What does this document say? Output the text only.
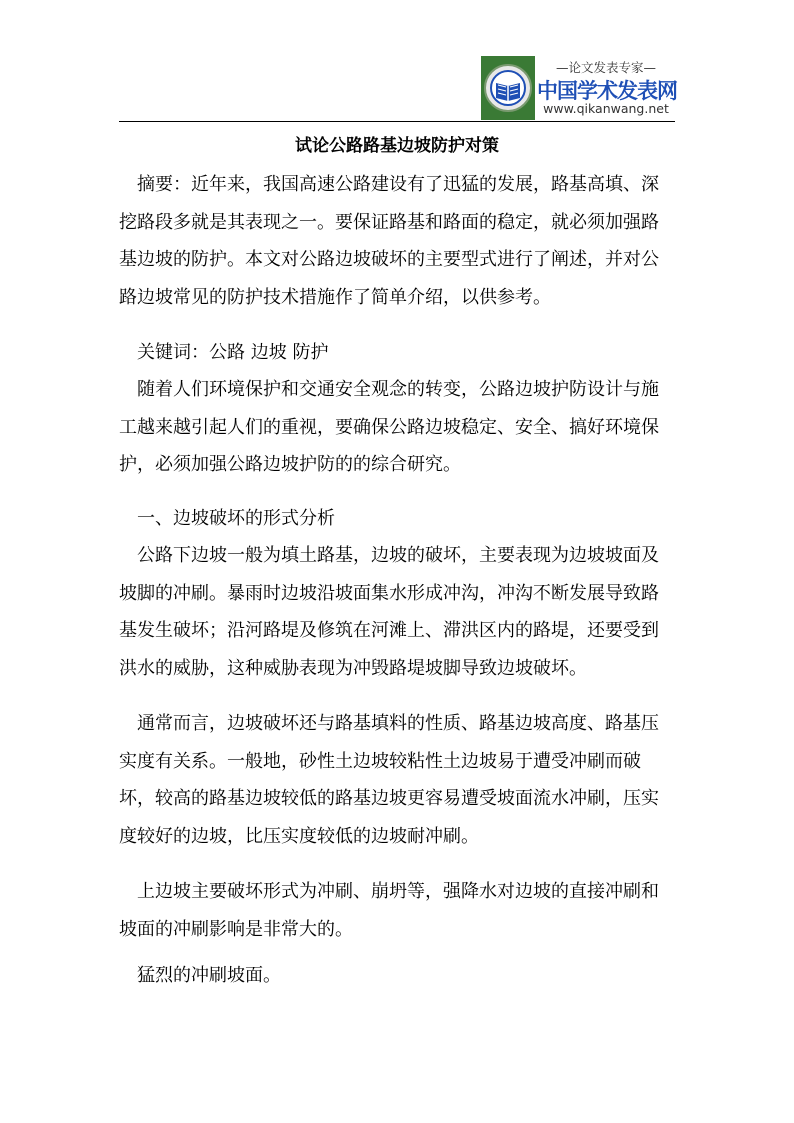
—论文发表专家—
中国学术发表网
www.qikanwang.net
试论公路路基边坡防护对策

摘要：近年来，我国高速公路建设有了迅猛的发展，路基高填、深挖路段多就是其表现之一。要保证路基和路面的稳定，就必须加强路基边坡的防护。本文对公路边坡破坏的主要型式进行了阐述，并对公路边坡常见的防护技术措施作了简单介绍，以供参考。

关键词：公路 边坡 防护

随着人们环境保护和交通安全观念的转变，公路边坡护防设计与施工越来越引起人们的重视，要确保公路边坡稳定、安全、搞好环境保护，必须加强公路边坡护防的的综合研究。

一、边坡破坏的形式分析

公路下边坡一般为填土路基，边坡的破坏，主要表现为边坡坡面及坡脚的冲刷。暴雨时边坡沿坡面集水形成冲沟，冲沟不断发展导致路基发生破坏；沿河路堤及修筑在河滩上、滞洪区内的路堤，还要受到洪水的威胁，这种威胁表现为冲毁路堤坡脚导致边坡破坏。

通常而言，边坡破坏还与路基填料的性质、路基边坡高度、路基压实度有关系。一般地，砂性土边坡较粘性土边坡易于遭受冲刷而破坏，较高的路基边坡较低的路基边坡更容易遭受坡面流水冲刷，压实度较好的边坡，比压实度较低的边坡耐冲刷。

上边坡主要破坏形式为冲刷、崩坍等，强降水对边坡的直接冲刷和坡面的冲刷影响是非常大的。

猛烈的冲刷坡面。
